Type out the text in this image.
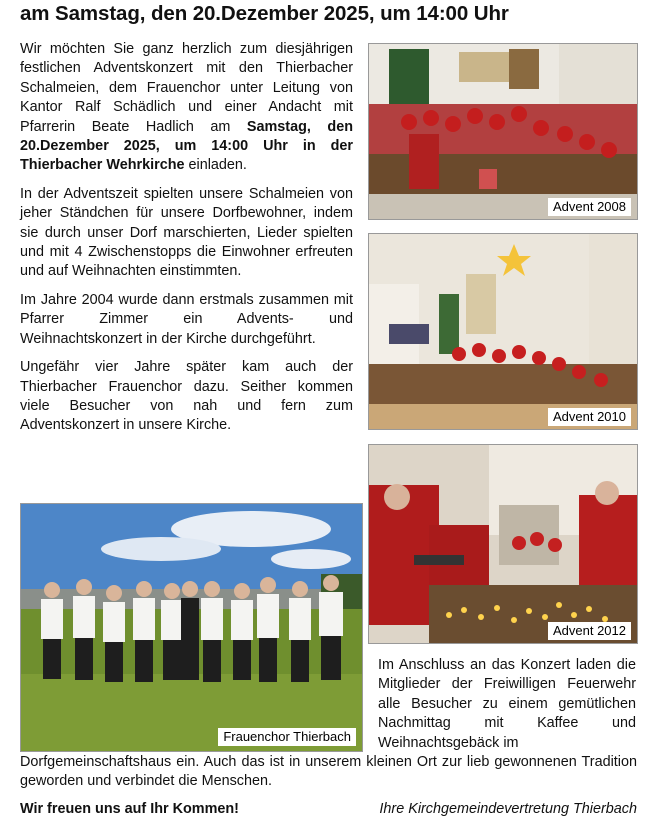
am Samstag, den 20.Dezember 2025, um 14:00 Uhr

Wir möchten Sie ganz herzlich zum diesjährigen festlichen Adventskonzert mit den Thierbacher Schalmeien, dem Frauenchor unter Leitung von Kantor Ralf Schädlich und einer Andacht mit Pfarrerin Beate Hadlich am Samstag, den 20.Dezember 2025, um 14:00 Uhr in der Thierbacher Wehrkirche einladen.

In der Adventszeit spielten unsere Schalmeien von jeher Ständchen für unsere Dorfbewohner, indem sie durch unser Dorf marschierten, Lieder spielten und mit 4 Zwischenstopps die Einwohner erfreuten und auf Weihnachten einstimmten.

Im Jahre 2004 wurde dann erstmals zusammen mit Pfarrer Zimmer ein Advents- und Weihnachtskonzert in der Kirche durchgeführt.

Ungefähr vier Jahre später kam auch der Thierbacher Frauenchor dazu. Seither kommen viele Besucher von nah und fern zum Adventskonzert in unsere Kirche.

Advent 2008
Advent 2010
Advent 2012
Frauenchor Thierbach
Im Anschluss an das Konzert laden die Mitglieder der Freiwilligen Feuerwehr alle Besucher zu einem gemütlichen Nachmittag mit Kaffee und Weihnachtsgebäck im
Dorfgemeinschaftshaus ein. Auch das ist in unserem kleinen Ort zur lieb gewonnenen Tradition geworden und verbindet die Menschen.
Wir freuen uns auf Ihr Kommen!	Ihre Kirchgemeindevertretung Thierbach
